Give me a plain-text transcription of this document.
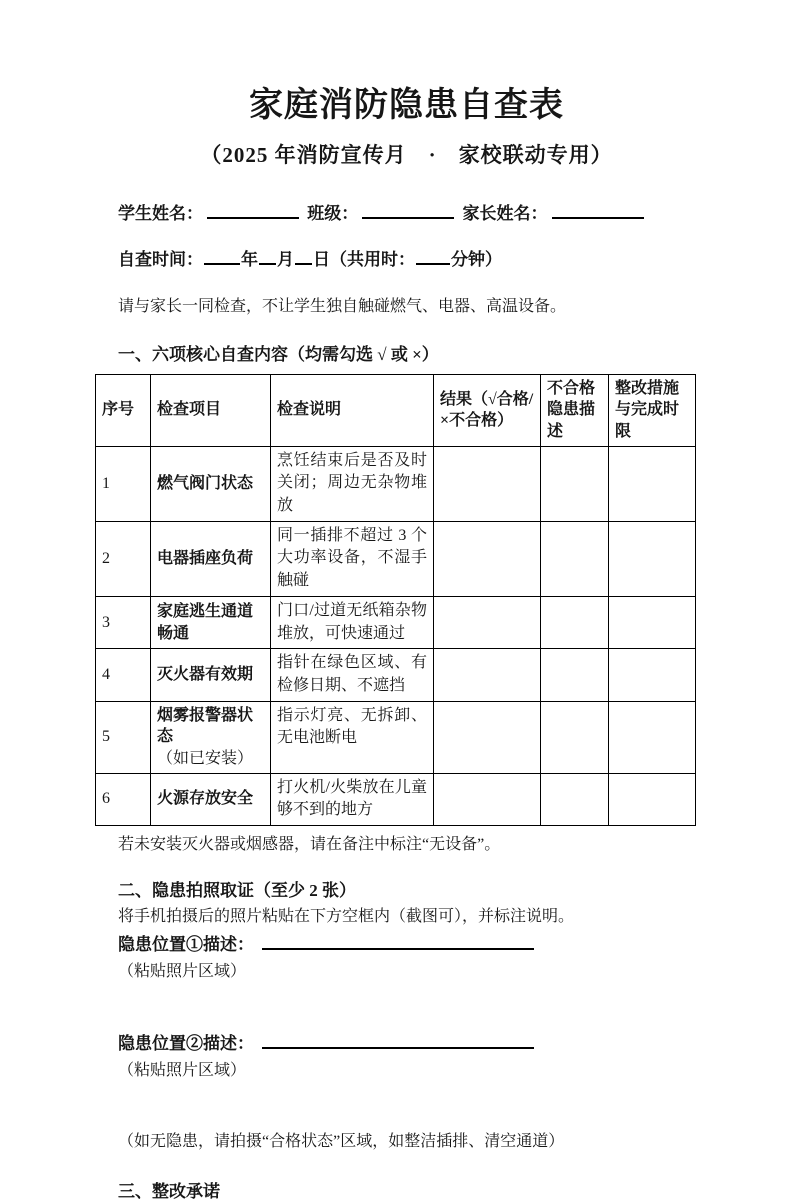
家庭消防隐患自查表
（2025 年消防宣传月　·　家校联动专用）
学生姓名：	班级：	家长姓名：
自查时间： 年 月 日（共用时： 分钟）

请与家长一同检查，不让学生独自触碰燃气、电器、高温设备。

一、六项核心自查内容（均需勾选 √ 或 ×）
序号	检查项目	检查说明	结果（√合格/×不合格）	不合格隐患描述	整改措施与完成时限
1	燃气阀门状态	烹饪结束后是否及时关闭；周边无杂物堆放			
2	电器插座负荷	同一插排不超过 3 个大功率设备，不湿手触碰			
3	家庭逃生通道畅通	门口/过道无纸箱杂物堆放，可快速通过			
4	灭火器有效期	指针在绿色区域、有检修日期、不遮挡			
5	烟雾报警器状态（如已安装）	指示灯亮、无拆卸、无电池断电			
6	火源存放安全	打火机/火柴放在儿童够不到的地方			

若未安装灭火器或烟感器，请在备注中标注“无设备”。

二、隐患拍照取证（至少 2 张）

将手机拍摄后的照片粘贴在下方空框内（截图可），并标注说明。

隐患位置①描述：
（粘贴照片区域）
隐患位置②描述：
（粘贴照片区域）

（如无隐患，请拍摄“合格状态”区域，如整洁插排、清空通道）

三、整改承诺
